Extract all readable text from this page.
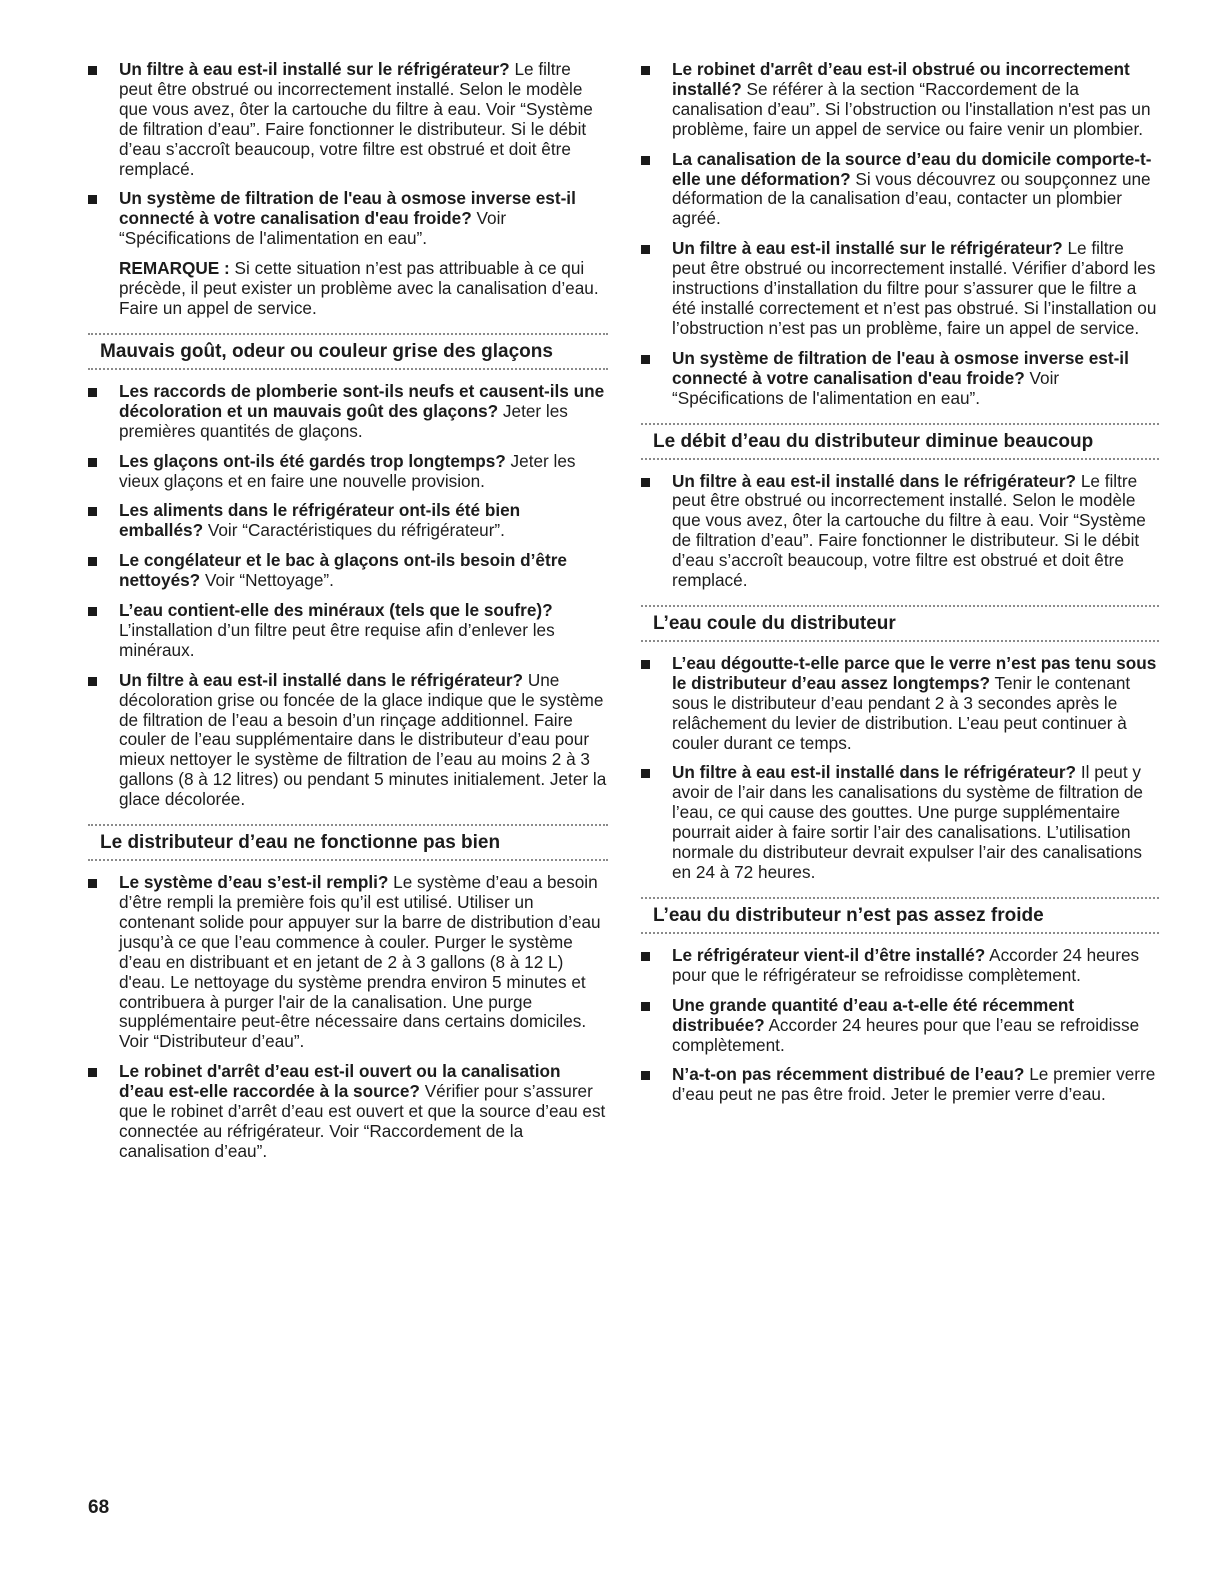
Un filtre à eau est-il installé sur le réfrigérateur? Le filtre peut être obstrué ou incorrectement installé. Selon le modèle que vous avez, ôter la cartouche du filtre à eau. Voir “Système de filtration d’eau”. Faire fonctionner le distributeur. Si le débit d’eau s’accroît beaucoup, votre filtre est obstrué et doit être remplacé.
Un système de filtration de l'eau à osmose inverse est-il connecté à votre canalisation d'eau froide? Voir “Spécifications de l'alimentation en eau”.
REMARQUE : Si cette situation n’est pas attribuable à ce qui précède, il peut exister un problème avec la canalisation d’eau. Faire un appel de service.
Mauvais goût, odeur ou couleur grise des glaçons
Les raccords de plomberie sont-ils neufs et causent-ils une décoloration et un mauvais goût des glaçons? Jeter les premières quantités de glaçons.
Les glaçons ont-ils été gardés trop longtemps? Jeter les vieux glaçons et en faire une nouvelle provision.
Les aliments dans le réfrigérateur ont-ils été bien emballés? Voir “Caractéristiques du réfrigérateur”.
Le congélateur et le bac à glaçons ont-ils besoin d’être nettoyés? Voir “Nettoyage”.
L’eau contient-elle des minéraux (tels que le soufre)? L’installation d’un filtre peut être requise afin d’enlever les minéraux.
Un filtre à eau est-il installé dans le réfrigérateur? Une décoloration grise ou foncée de la glace indique que le système de filtration de l’eau a besoin d’un rinçage additionnel. Faire couler de l’eau supplémentaire dans le distributeur d’eau pour mieux nettoyer le système de filtration de l’eau au moins 2 à 3 gallons (8 à 12 litres) ou pendant 5 minutes initialement. Jeter la glace décolorée.
Le distributeur d’eau ne fonctionne pas bien
Le système d’eau s’est-il rempli? Le système d’eau a besoin d’être rempli la première fois qu’il est utilisé. Utiliser un contenant solide pour appuyer sur la barre de distribution d’eau jusqu’à ce que l’eau commence à couler. Purger le système d’eau en distribuant et en jetant de 2 à 3 gallons (8 à 12 L) d'eau. Le nettoyage du système prendra environ 5 minutes et contribuera à purger l'air de la canalisation. Une purge supplémentaire peut-être nécessaire dans certains domiciles. Voir “Distributeur d’eau”.
Le robinet d'arrêt d’eau est-il ouvert ou la canalisation d’eau est-elle raccordée à la source? Vérifier pour s’assurer que le robinet d’arrêt d’eau est ouvert et que la source d’eau est connectée au réfrigérateur. Voir “Raccordement de la canalisation d’eau”.
Le robinet d'arrêt d’eau est-il obstrué ou incorrectement installé? Se référer à la section “Raccordement de la canalisation d’eau”. Si l’obstruction ou l'installation n'est pas un problème, faire un appel de service ou faire venir un plombier.
La canalisation de la source d’eau du domicile comporte-t-elle une déformation? Si vous découvrez ou soupçonnez une déformation de la canalisation d’eau, contacter un plombier agréé.
Un filtre à eau est-il installé sur le réfrigérateur? Le filtre peut être obstrué ou incorrectement installé. Vérifier d’abord les instructions d’installation du filtre pour s’assurer que le filtre a été installé correctement et n’est pas obstrué. Si l’installation ou l’obstruction n’est pas un problème, faire un appel de service.
Un système de filtration de l'eau à osmose inverse est-il connecté à votre canalisation d'eau froide? Voir “Spécifications de l'alimentation en eau”.
Le débit d’eau du distributeur diminue beaucoup
Un filtre à eau est-il installé dans le réfrigérateur? Le filtre peut être obstrué ou incorrectement installé. Selon le modèle que vous avez, ôter la cartouche du filtre à eau. Voir “Système de filtration d’eau”. Faire fonctionner le distributeur. Si le débit d’eau s’accroît beaucoup, votre filtre est obstrué et doit être remplacé.
L’eau coule du distributeur
L’eau dégoutte-t-elle parce que le verre n’est pas tenu sous le distributeur d’eau assez longtemps? Tenir le contenant sous le distributeur d’eau pendant 2 à 3 secondes après le relâchement du levier de distribution. L’eau peut continuer à couler durant ce temps.
Un filtre à eau est-il installé dans le réfrigérateur? Il peut y avoir de l’air dans les canalisations du système de filtration de l’eau, ce qui cause des gouttes. Une purge supplémentaire pourrait aider à faire sortir l’air des canalisations. L’utilisation normale du distributeur devrait expulser l’air des canalisations en 24 à 72 heures.
L’eau du distributeur n’est pas assez froide
Le réfrigérateur vient-il d’être installé? Accorder 24 heures pour que le réfrigérateur se refroidisse complètement.
Une grande quantité d’eau a-t-elle été récemment distribuée? Accorder 24 heures pour que l’eau se refroidisse complètement.
N’a-t-on pas récemment distribué de l’eau? Le premier verre d’eau peut ne pas être froid. Jeter le premier verre d’eau.
68
